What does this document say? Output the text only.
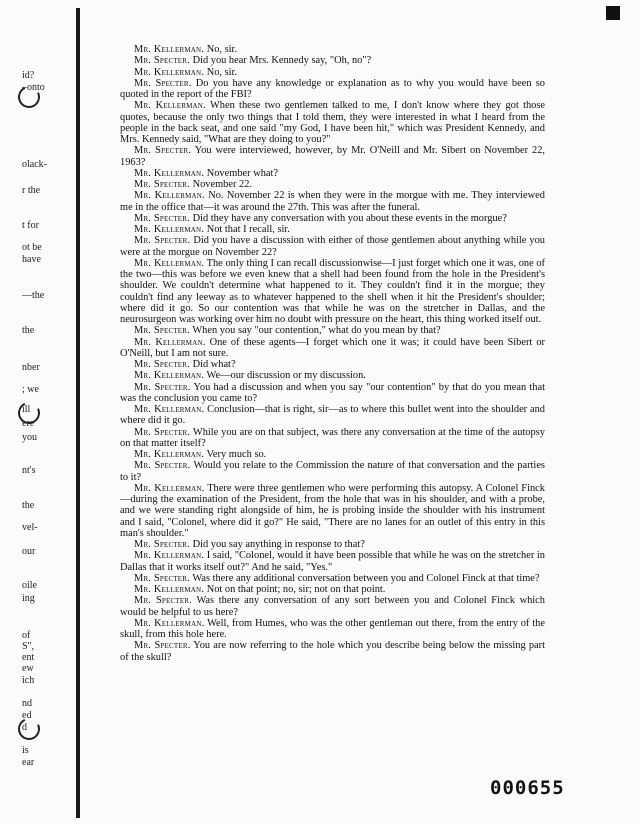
id?
–onto
olack-
r the
t for
ot be
have
—the
the
nber
; we
ill
ere
you
nt's
the
vel-
our
oile
ing
of
S",
ent
ew
ich
nd
ed
d
is
ear

Mr. Kellerman. No, sir.

Mr. Specter. Did you hear Mrs. Kennedy say, "Oh, no"?

Mr. Kellerman. No, sir.

Mr. Specter. Do you have any knowledge or explanation as to why you would have been so quoted in the report of the FBI?

Mr. Kellerman. When these two gentlemen talked to me, I don't know where they got those quotes, because the only two things that I told them, they were interested in what I heard from the people in the back seat, and one said "my God, I have been hit," which was President Kennedy, and Mrs. Kennedy said, "What are they doing to you?"

Mr. Specter. You were interviewed, however, by Mr. O'Neill and Mr. Sibert on November 22, 1963?

Mr. Kellerman. November what?

Mr. Specter. November 22.

Mr. Kellerman. No. November 22 is when they were in the morgue with me. They interviewed me in the office that—it was around the 27th. This was after the funeral.

Mr. Specter. Did they have any conversation with you about these events in the morgue?

Mr. Kellerman. Not that I recall, sir.

Mr. Specter. Did you have a discussion with either of those gentlemen about anything while you were at the morgue on November 22?

Mr. Kellerman. The only thing I can recall discussionwise—I just forget which one it was, one of the two—this was before we even knew that a shell had been found from the hole in the President's shoulder. We couldn't determine what happened to it. They couldn't find it in the morgue; they couldn't find any leeway as to whatever happened to the shell when it hit the President's shoulder; where did it go. So our contention was that while he was on the stretcher in Dallas, and the neurosurgeon was working over him no doubt with pressure on the heart, this thing worked itself out.

Mr. Specter. When you say "our contention," what do you mean by that?

Mr. Kellerman. One of these agents—I forget which one it was; it could have been Sibert or O'Neill, but I am not sure.

Mr. Specter. Did what?

Mr. Kellerman. We—our discussion or my discussion.

Mr. Specter. You had a discussion and when you say "our contention" by that do you mean that was the conclusion you came to?

Mr. Kellerman. Conclusion—that is right, sir—as to where this bullet went into the shoulder and where did it go.

Mr. Specter. While you are on that subject, was there any conversation at the time of the autopsy on that matter itself?

Mr. Kellerman. Very much so.

Mr. Specter. Would you relate to the Commission the nature of that conversation and the parties to it?

Mr. Kellerman. There were three gentlemen who were performing this autopsy. A Colonel Finck—during the examination of the President, from the hole that was in his shoulder, and with a probe, and we were standing right alongside of him, he is probing inside the shoulder with his instrument and I said, "Colonel, where did it go?" He said, "There are no lanes for an outlet of this entry in this man's shoulder."

Mr. Specter. Did you say anything in response to that?

Mr. Kellerman. I said, "Colonel, would it have been possible that while he was on the stretcher in Dallas that it works itself out?" And he said, "Yes."

Mr. Specter. Was there any additional conversation between you and Colonel Finck at that time?

Mr. Kellerman. Not on that point; no, sir; not on that point.

Mr. Specter. Was there any conversation of any sort between you and Colonel Finck which would be helpful to us here?

Mr. Kellerman. Well, from Humes, who was the other gentleman out there, from the entry of the skull, from this hole here.

Mr. Specter. You are now referring to the hole which you describe being below the missing part of the skull?

000655
